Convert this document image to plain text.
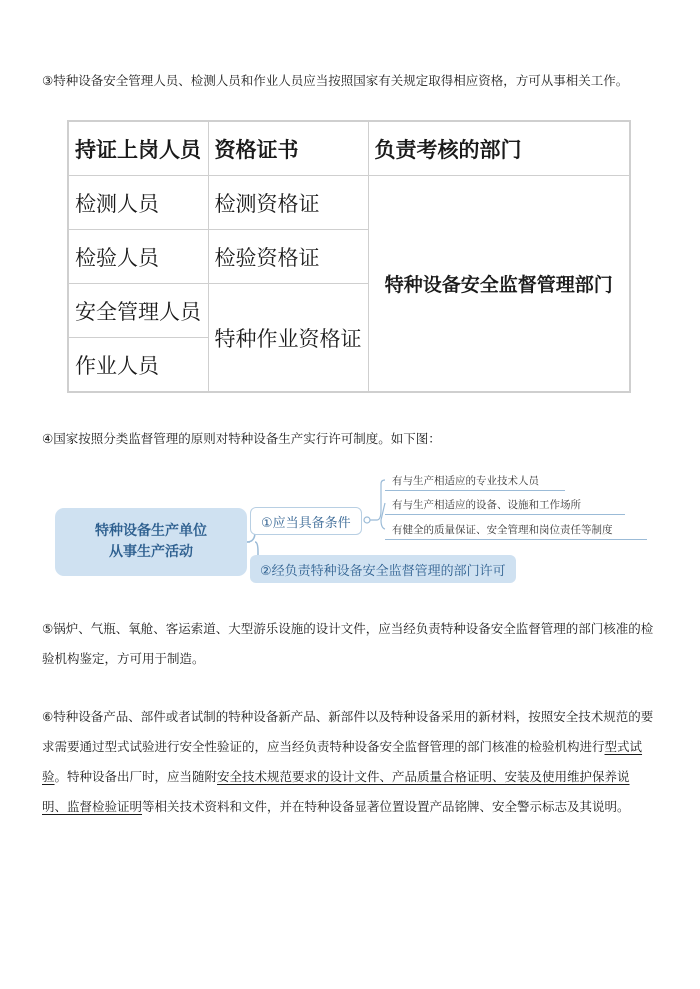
③特种设备安全管理人员、检测人员和作业人员应当按照国家有关规定取得相应资格，方可从事相关工作。

持证上岗人员	资格证书	负责考核的部门
检测人员	检测资格证	特种设备安全监督管理部门
检验人员	检验资格证	
安全管理人员	特种作业资格证	
作业人员		

④国家按照分类监督管理的原则对特种设备生产实行许可制度。如下图：

特种设备生产单位
从事生产活动
①应当具备条件
②经负责特种设备安全监督管理的部门许可
有与生产相适应的专业技术人员
有与生产相适应的设备、设施和工作场所
有健全的质量保证、安全管理和岗位责任等制度

⑤锅炉、气瓶、氧舱、客运索道、大型游乐设施的设计文件，应当经负责特种设备安全监督管理的部门核准的检验机构鉴定，方可用于制造。

⑥特种设备产品、部件或者试制的特种设备新产品、新部件以及特种设备采用的新材料，按照安全技术规范的要求需要通过型式试验进行安全性验证的，应当经负责特种设备安全监督管理的部门核准的检验机构进行型式试验。特种设备出厂时，应当随附安全技术规范要求的设计文件、产品质量合格证明、安装及使用维护保养说明、监督检验证明等相关技术资料和文件，并在特种设备显著位置设置产品铭牌、安全警示标志及其说明。
